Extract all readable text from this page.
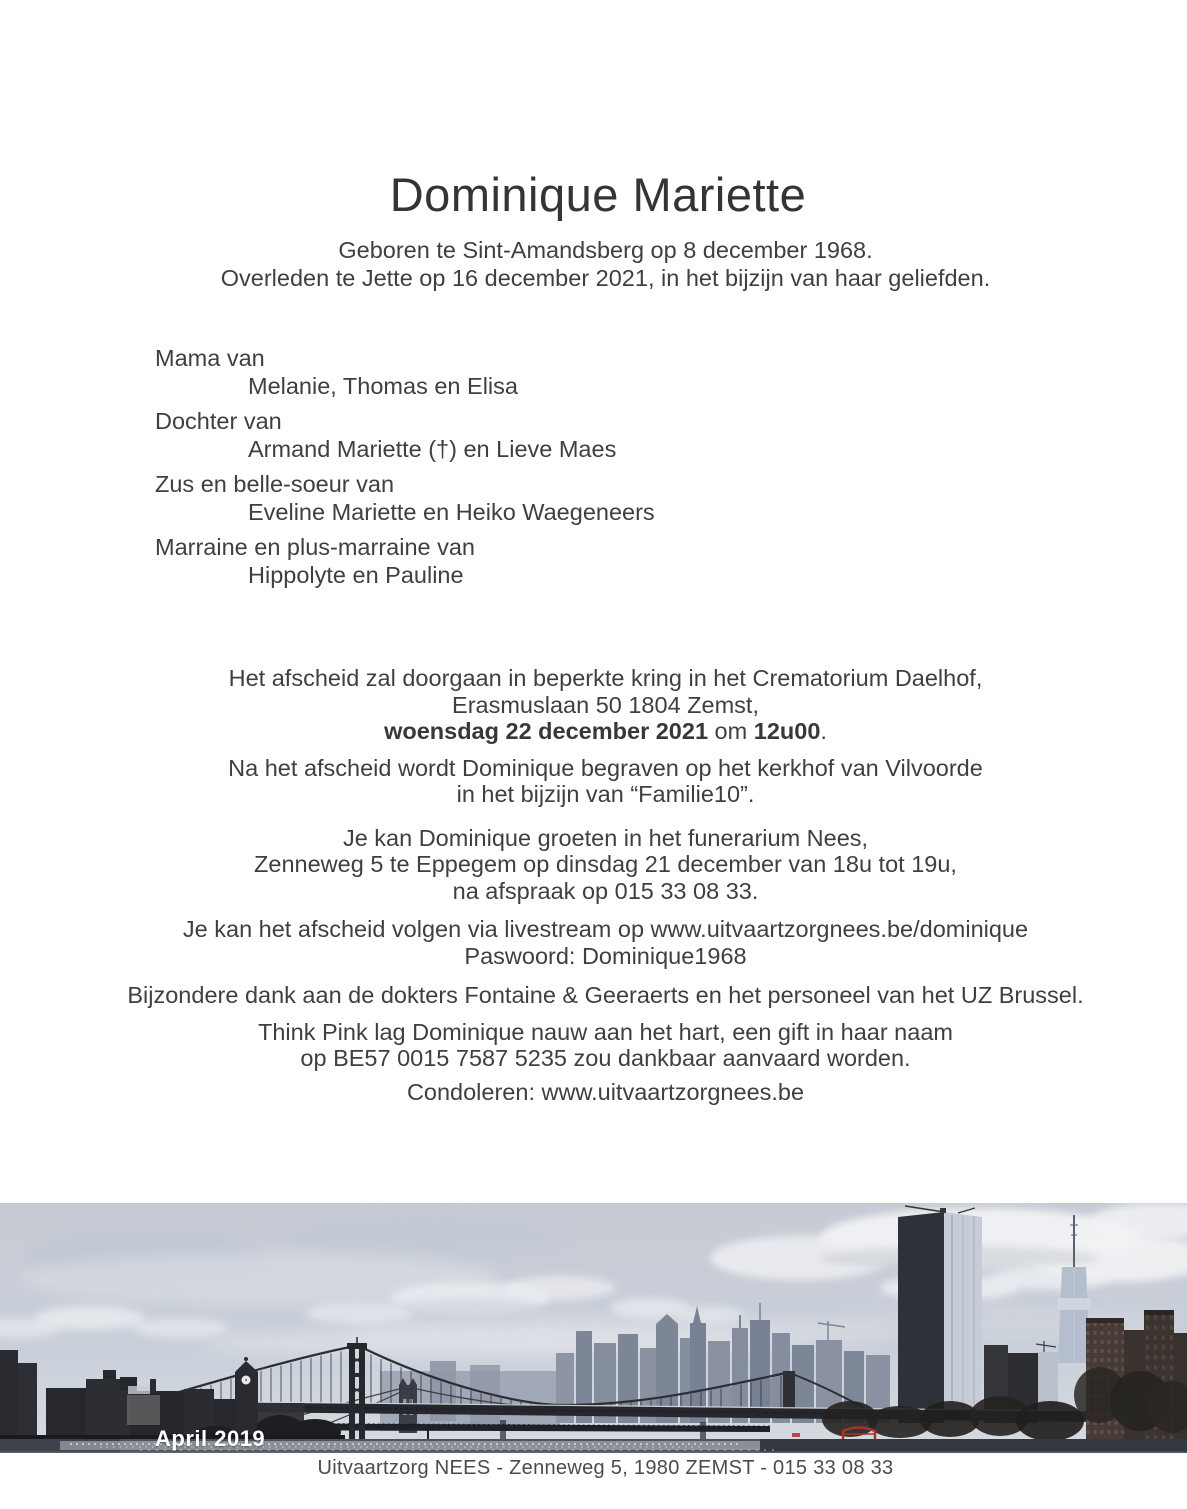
Dominique Mariette
Geboren te Sint-Amandsberg op 8 december 1968.
Overleden te Jette op 16 december 2021, in het bijzijn van haar geliefden.
Mama van
Melanie, Thomas en Elisa
Dochter van
Armand Mariette (†) en Lieve Maes
Zus en belle-soeur van
Eveline Mariette en Heiko Waegeneers
Marraine en plus-marraine van
Hippolyte en Pauline

Het afscheid zal doorgaan in beperkte kring in het Crematorium Daelhof,
Erasmuslaan 50 1804 Zemst,
woensdag 22 december 2021 om 12u00.

Na het afscheid wordt Dominique begraven op het kerkhof van Vilvoorde
in het bijzijn van “Familie10”.

Je kan Dominique groeten in het funerarium Nees,
Zenneweg 5 te Eppegem op dinsdag 21 december van 18u tot 19u,
na afspraak op 015 33 08 33.

Je kan het afscheid volgen via livestream op www.uitvaartzorgnees.be/dominique
Paswoord: Dominique1968

Bijzondere dank aan de dokters Fontaine & Geeraerts en het personeel van het UZ Brussel.

Think Pink lag Dominique nauw aan het hart, een gift in haar naam
op BE57 0015 7587 5235 zou dankbaar aanvaard worden.

Condoleren: www.uitvaartzorgnees.be

April 2019
Uitvaartzorg NEES - Zenneweg 5, 1980 ZEMST - 015 33 08 33
